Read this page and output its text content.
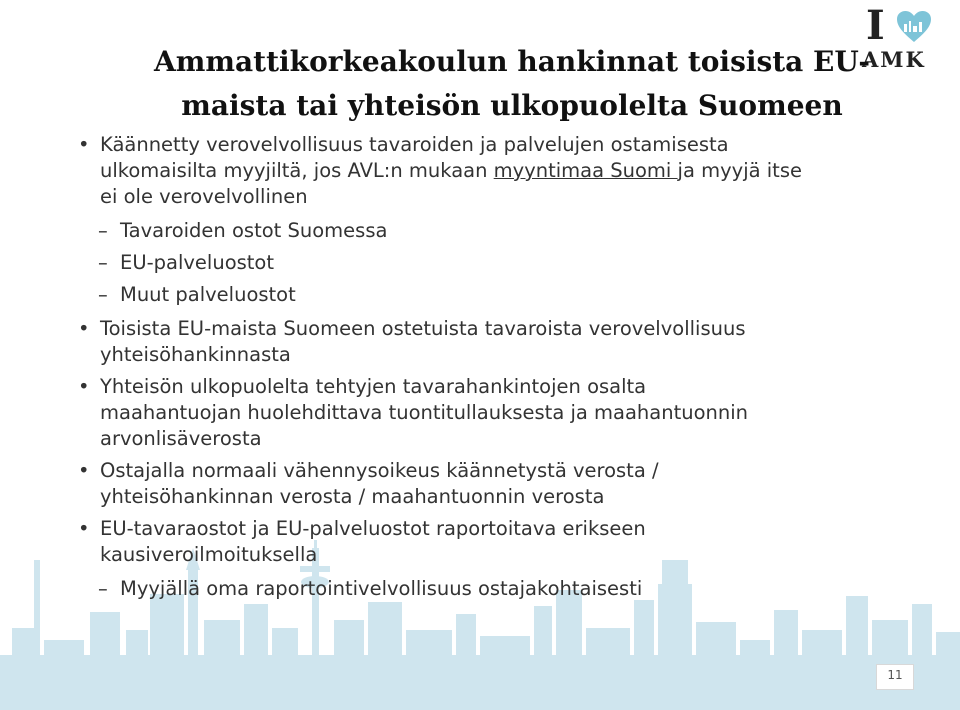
I
AMK
Ammattikorkeakoulun hankinnat toisista EU-
maista tai yhteisön ulkopuolelta Suomeen
• Käännetty verovelvollisuus tavaroiden ja palvelujen ostamisesta
ulkomaisilta myyjiltä, jos AVL:n mukaan myyntimaa Suomi ja myyjä itse
ei ole verovelvollinen
– Tavaroiden ostot Suomessa
– EU-palveluostot
– Muut palveluostot
• Toisista EU-maista Suomeen ostetuista tavaroista verovelvollisuus
yhteisöhankinnasta
• Yhteisön ulkopuolelta tehtyjen tavarahankintojen osalta
maahantuojan huolehdittava tuontitullauksesta ja maahantuonnin
arvonlisäverosta
• Ostajalla normaali vähennysoikeus käännetystä verosta /
yhteisöhankinnan verosta / maahantuonnin verosta
• EU-tavaraostot ja EU-palveluostot raportoitava erikseen
kausiveroilmoituksella
– Myyjällä oma raportointivelvollisuus ostajakohtaisesti
11
